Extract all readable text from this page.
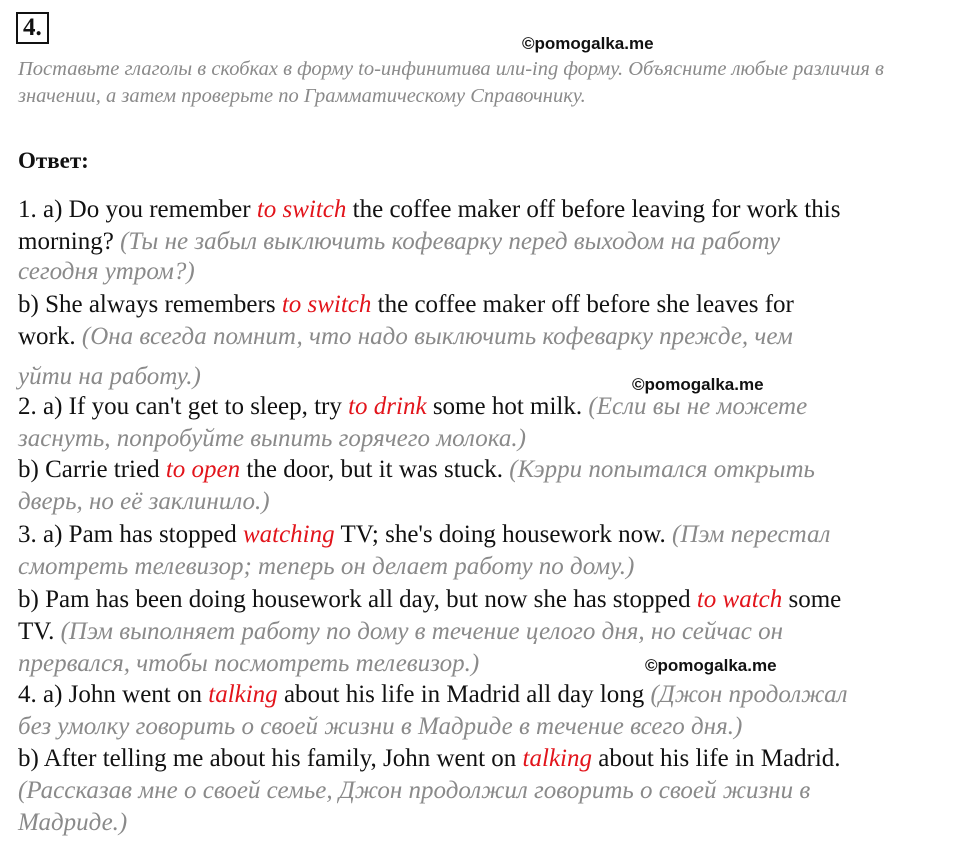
4.
©pomogalka.me
©pomogalka.me
©pomogalka.me
Поставьте глаголы в скобках в форму to-инфинитива или-ing форму. Объясните любые различия в значении, а затем проверьте по Грамматическому Справочнику.
Ответ:
1. a) Do you remember to switch the coffee maker off before leaving for work this
morning? (Ты не забыл выключить кофеварку перед выходом на работу
сегодня утром?)
b) She always remembers to switch the coffee maker off before she leaves for
work. (Она всегда помнит, что надо выключить кофеварку прежде, чем
уйти на работу.)
2. a) If you can't get to sleep, try to drink some hot milk. (Если вы не можете
заснуть, попробуйте выпить горячего молока.)
b) Carrie tried to open the door, but it was stuck. (Кэрри попытался открыть
дверь, но её заклинило.)
3. a) Pam has stopped watching TV; she's doing housework now. (Пэм перестал
смотреть телевизор; теперь он делает работу по дому.)
b) Pam has been doing housework all day, but now she has stopped to watch some
TV. (Пэм выполняет работу по дому в течение целого дня, но сейчас он
прервался, чтобы посмотреть телевизор.)
4. a) John went on talking about his life in Madrid all day long (Джон продолжал
без умолку говорить о своей жизни в Мадриде в течение всего дня.)
b) After telling me about his family, John went on talking about his life in Madrid.
(Рассказав мне о своей семье, Джон продолжил говорить о своей жизни в
Мадриде.)
